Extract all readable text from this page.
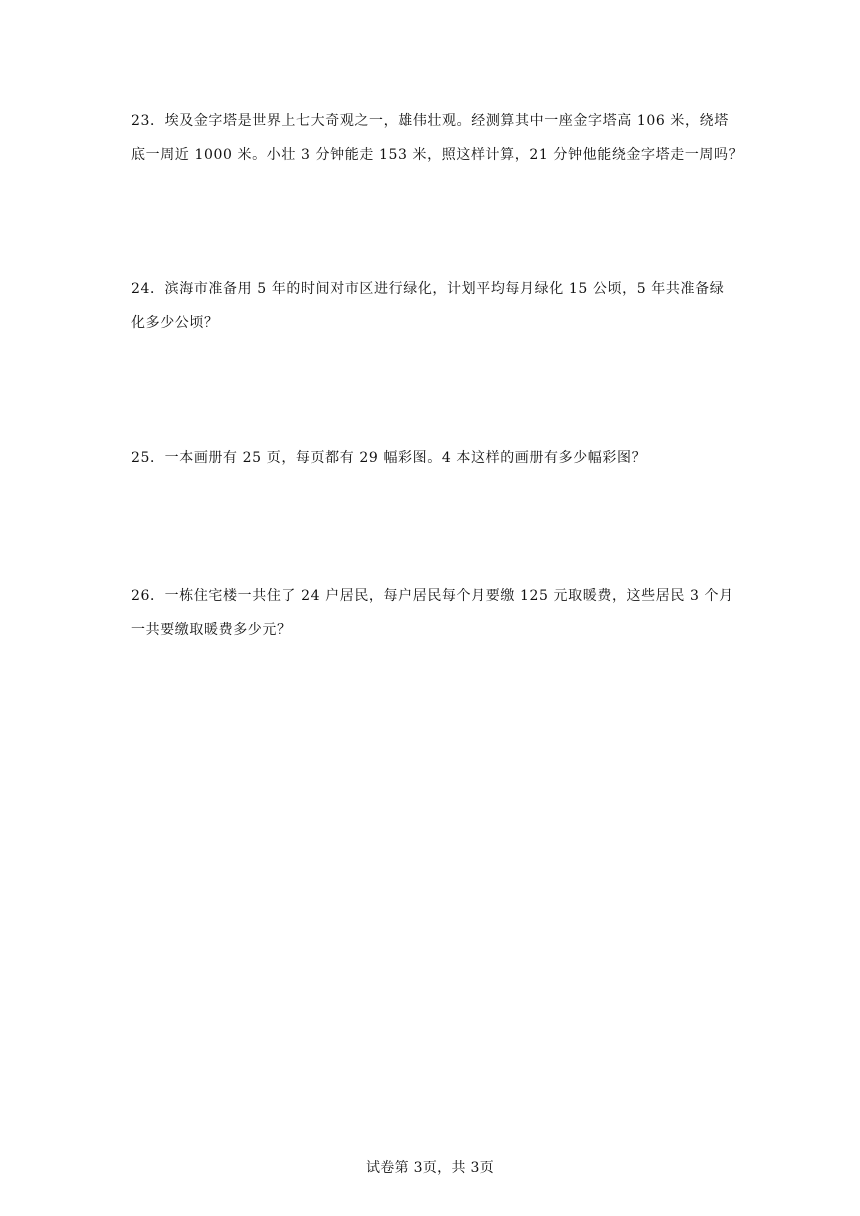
23．埃及金字塔是世界上七大奇观之一，雄伟壮观。经测算其中一座金字塔高 106 米，绕塔
底一周近 1000 米。小壮 3 分钟能走 153 米，照这样计算，21 分钟他能绕金字塔走一周吗？
24．滨海市准备用 5 年的时间对市区进行绿化，计划平均每月绿化 15 公顷，5 年共准备绿
化多少公顷？
25．一本画册有 25 页，每页都有 29 幅彩图。4 本这样的画册有多少幅彩图？
26．一栋住宅楼一共住了 24 户居民，每户居民每个月要缴 125 元取暖费，这些居民 3 个月
一共要缴取暖费多少元？
试卷第 3页，共 3页
